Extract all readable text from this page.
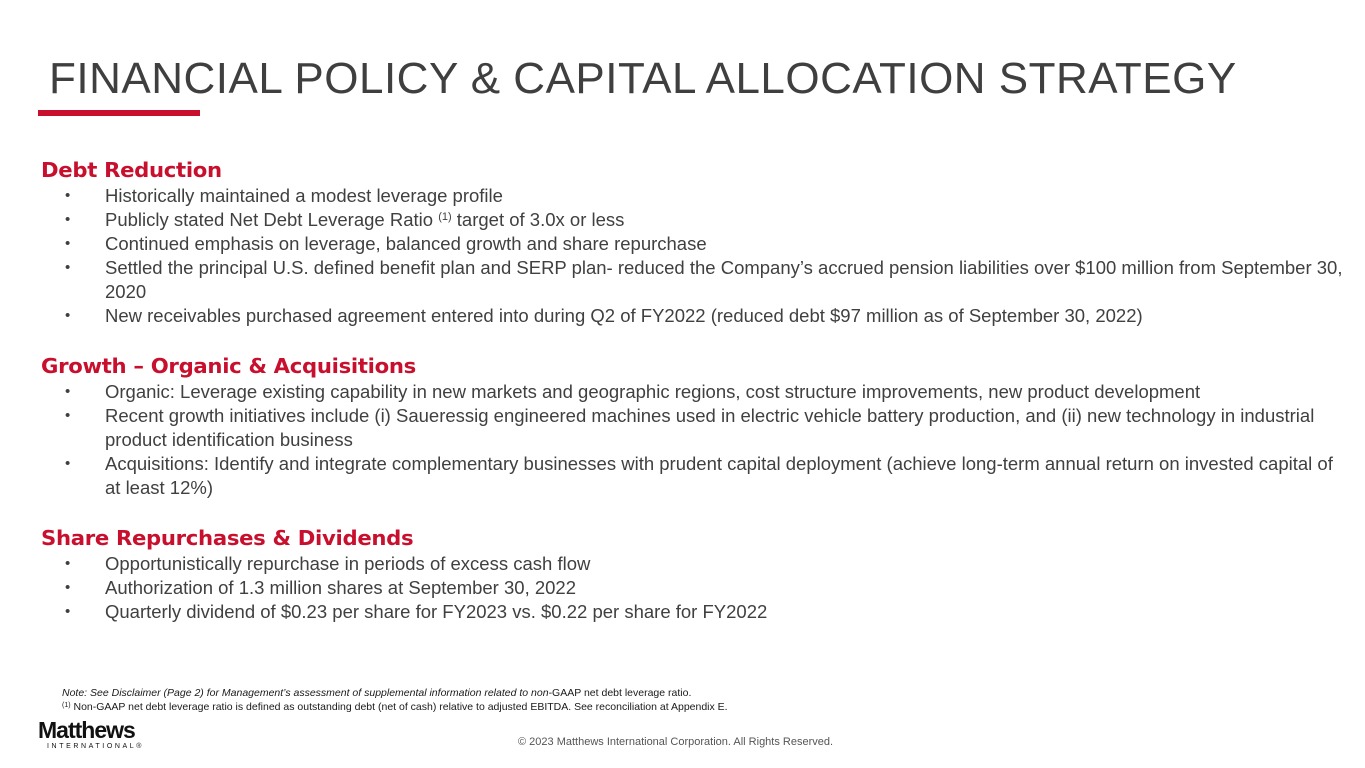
FINANCIAL POLICY & CAPITAL ALLOCATION STRATEGY
Debt Reduction
• Historically maintained a modest leverage profile
• Publicly stated Net Debt Leverage Ratio $^{(1)}$ target of 3.0x or less
• Continued emphasis on leverage, balanced growth and share repurchase
• Settled the principal U.S. defined benefit plan and SERP plan- reduced the Company’s accrued pension liabilities over $100 million from September 30, 2020
• New receivables purchased agreement entered into during Q2 of FY2022 (reduced debt $97 million as of September 30, 2022)
Growth – Organic & Acquisitions
• Organic: Leverage existing capability in new markets and geographic regions, cost structure improvements, new product development
• Recent growth initiatives include (i) Saueressig engineered machines used in electric vehicle battery production, and (ii) new technology in industrial product identification business
• Acquisitions: Identify and integrate complementary businesses with prudent capital deployment (achieve long-term annual return on invested capital of at least 12%)
Share Repurchases & Dividends
• Opportunistically repurchase in periods of excess cash flow
• Authorization of 1.3 million shares at September 30, 2022
• Quarterly dividend of $0.23 per share for FY2023 vs. $0.22 per share for FY2022
Note: See Disclaimer (Page 2) for Management’s assessment of supplemental information related to non-GAAP net debt leverage ratio.
$^{(1)}$ Non-GAAP net debt leverage ratio is defined as outstanding debt (net of cash) relative to adjusted EBITDA. See reconciliation at Appendix E.
Matthews
INTERNATIONAL®	© 2023 Matthews International Corporation. All Rights Reserved.
